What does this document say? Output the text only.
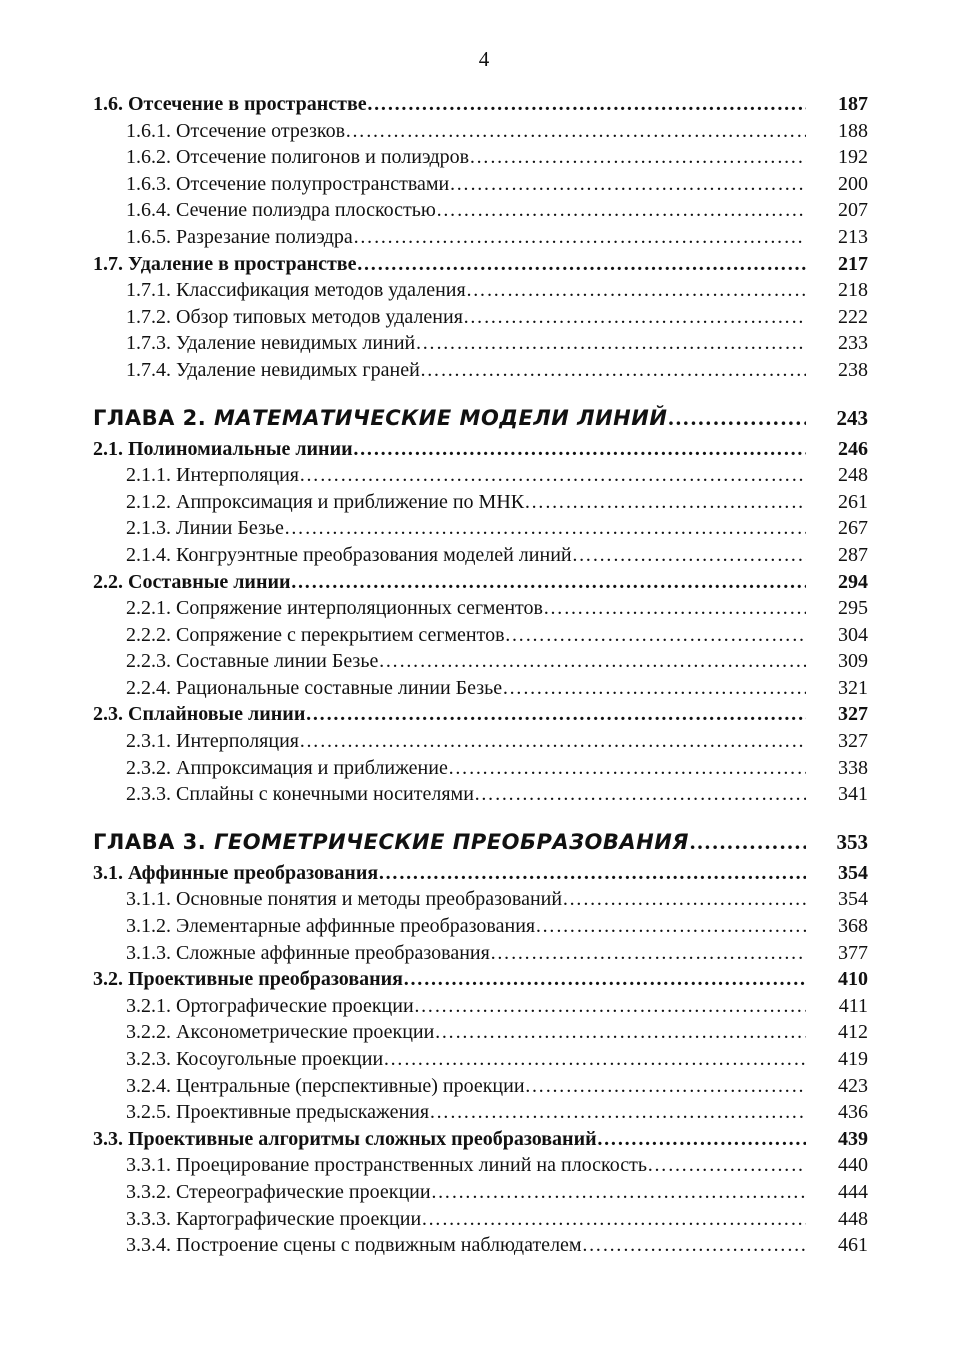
4
1.6. Отсечение в пространстве ………………………………………………………………………………………………………………………………………………………………………………………………	187
1.6.1. Отсечение отрезков ………………………………………………………………………………………………………………………………………………………………………………………………	188
1.6.2. Отсечение полигонов и полиэдров ………………………………………………………………………………………………………………………………………………………………………………………………	192
1.6.3. Отсечение полупространствами ………………………………………………………………………………………………………………………………………………………………………………………………	200
1.6.4. Сечение полиэдра плоскостью ………………………………………………………………………………………………………………………………………………………………………………………………	207
1.6.5. Разрезание полиэдра ………………………………………………………………………………………………………………………………………………………………………………………………	213
1.7. Удаление в пространстве ………………………………………………………………………………………………………………………………………………………………………………………………	217
1.7.1. Классификация методов удаления ………………………………………………………………………………………………………………………………………………………………………………………………	218
1.7.2. Обзор типовых методов удаления ………………………………………………………………………………………………………………………………………………………………………………………………	222
1.7.3. Удаление невидимых линий ………………………………………………………………………………………………………………………………………………………………………………………………	233
1.7.4. Удаление невидимых граней ………………………………………………………………………………………………………………………………………………………………………………………………	238
ГЛАВА 2. МАТЕМАТИЧЕСКИЕ МОДЕЛИ ЛИНИЙ ………………………………………………………………………………………………………………………………………………………………………………………………	243
2.1. Полиномиальные линии ………………………………………………………………………………………………………………………………………………………………………………………………	246
2.1.1. Интерполяция ………………………………………………………………………………………………………………………………………………………………………………………………	248
2.1.2. Аппроксимация и приближение по МНК ………………………………………………………………………………………………………………………………………………………………………………………………	261
2.1.3. Линии Безье ………………………………………………………………………………………………………………………………………………………………………………………………	267
2.1.4. Конгруэнтные преобразования моделей линий ………………………………………………………………………………………………………………………………………………………………………………………………	287
2.2. Составные линии ………………………………………………………………………………………………………………………………………………………………………………………………	294
2.2.1. Сопряжение интерполяционных сегментов ………………………………………………………………………………………………………………………………………………………………………………………………	295
2.2.2. Сопряжение с перекрытием сегментов ………………………………………………………………………………………………………………………………………………………………………………………………	304
2.2.3. Составные линии Безье ………………………………………………………………………………………………………………………………………………………………………………………………	309
2.2.4. Рациональные составные линии Безье ………………………………………………………………………………………………………………………………………………………………………………………………	321
2.3. Сплайновые линии ………………………………………………………………………………………………………………………………………………………………………………………………	327
2.3.1. Интерполяция ………………………………………………………………………………………………………………………………………………………………………………………………	327
2.3.2. Аппроксимация и приближение ………………………………………………………………………………………………………………………………………………………………………………………………	338
2.3.3. Сплайны с конечными носителями ………………………………………………………………………………………………………………………………………………………………………………………………	341
ГЛАВА 3. ГЕОМЕТРИЧЕСКИЕ ПРЕОБРАЗОВАНИЯ ………………………………………………………………………………………………………………………………………………………………………………………………	353
3.1. Аффинные преобразования ………………………………………………………………………………………………………………………………………………………………………………………………	354
3.1.1. Основные понятия и методы преобразований ………………………………………………………………………………………………………………………………………………………………………………………………	354
3.1.2. Элементарные аффинные преобразования ………………………………………………………………………………………………………………………………………………………………………………………………	368
3.1.3. Сложные аффинные преобразования ………………………………………………………………………………………………………………………………………………………………………………………………	377
3.2. Проективные преобразования ………………………………………………………………………………………………………………………………………………………………………………………………	410
3.2.1. Ортографические проекции ………………………………………………………………………………………………………………………………………………………………………………………………	411
3.2.2. Аксонометрические проекции ………………………………………………………………………………………………………………………………………………………………………………………………	412
3.2.3. Косоугольные проекции ………………………………………………………………………………………………………………………………………………………………………………………………	419
3.2.4. Центральные (перспективные) проекции ………………………………………………………………………………………………………………………………………………………………………………………………	423
3.2.5. Проективные предыскажения ………………………………………………………………………………………………………………………………………………………………………………………………	436
3.3. Проективные алгоритмы сложных преобразований ………………………………………………………………………………………………………………………………………………………………………………………………	439
3.3.1. Проецирование пространственных линий на плоскость ………………………………………………………………………………………………………………………………………………………………………………………………	440
3.3.2. Стереографические проекции ………………………………………………………………………………………………………………………………………………………………………………………………	444
3.3.3. Картографические проекции ………………………………………………………………………………………………………………………………………………………………………………………………	448
3.3.4. Построение сцены с подвижным наблюдателем ………………………………………………………………………………………………………………………………………………………………………………………………	461
